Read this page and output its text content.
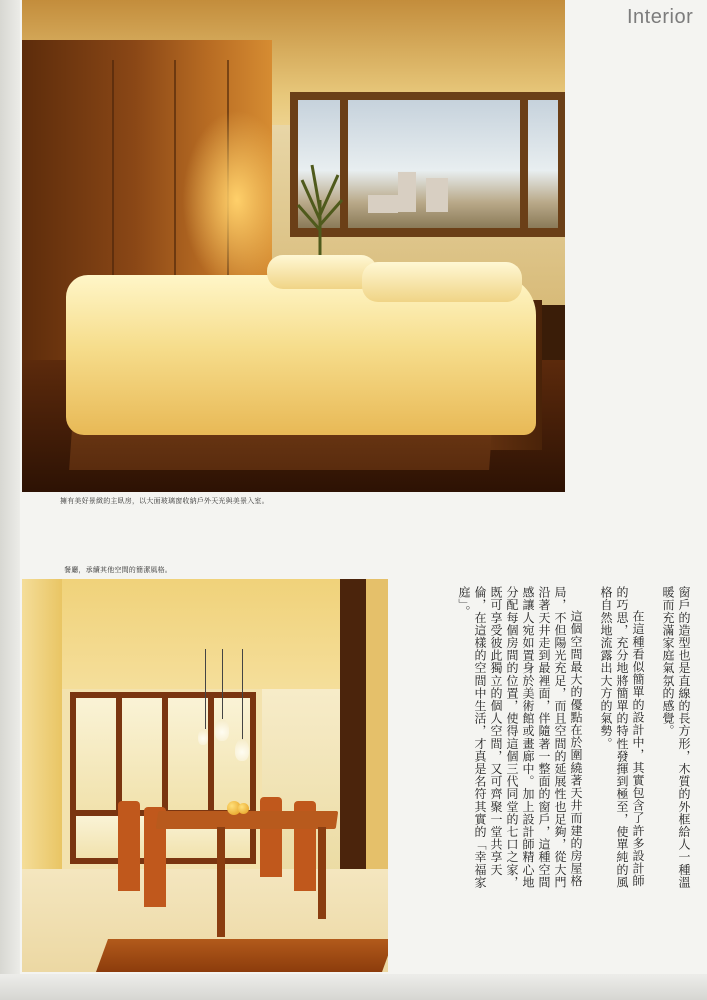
Interior
擁有美好景緻的主臥房，以大面玻璃窗收納戶外天光與美景入室。
餐廳，承續其他空間的簡潔風格。

窗戶的造型也是直線的長方形，木質的外框給人一種溫暖而充滿家庭氣氛的感覺。

在這種看似簡單的設計中，其實包含了許多設計師的巧思，充分地將簡單的特性發揮到極至，使單純的風格自然地流露出大方的氣勢。

這個空間最大的優點在於圍繞著天井而建的房屋格局，不但陽光充足，而且空間的延展性也足夠，從大門沿著天井走到最裡面，伴隨著一整面的窗戶，這種空間感讓人宛如置身於美術館或畫廊中。加上設計師精心地分配每個房間的位置，使得這個三代同堂的七口之家，既可享受彼此獨立的個人空間，又可齊聚一堂共享天倫，在這樣的空間中生活，才真是名符其實的「幸福家庭」。
